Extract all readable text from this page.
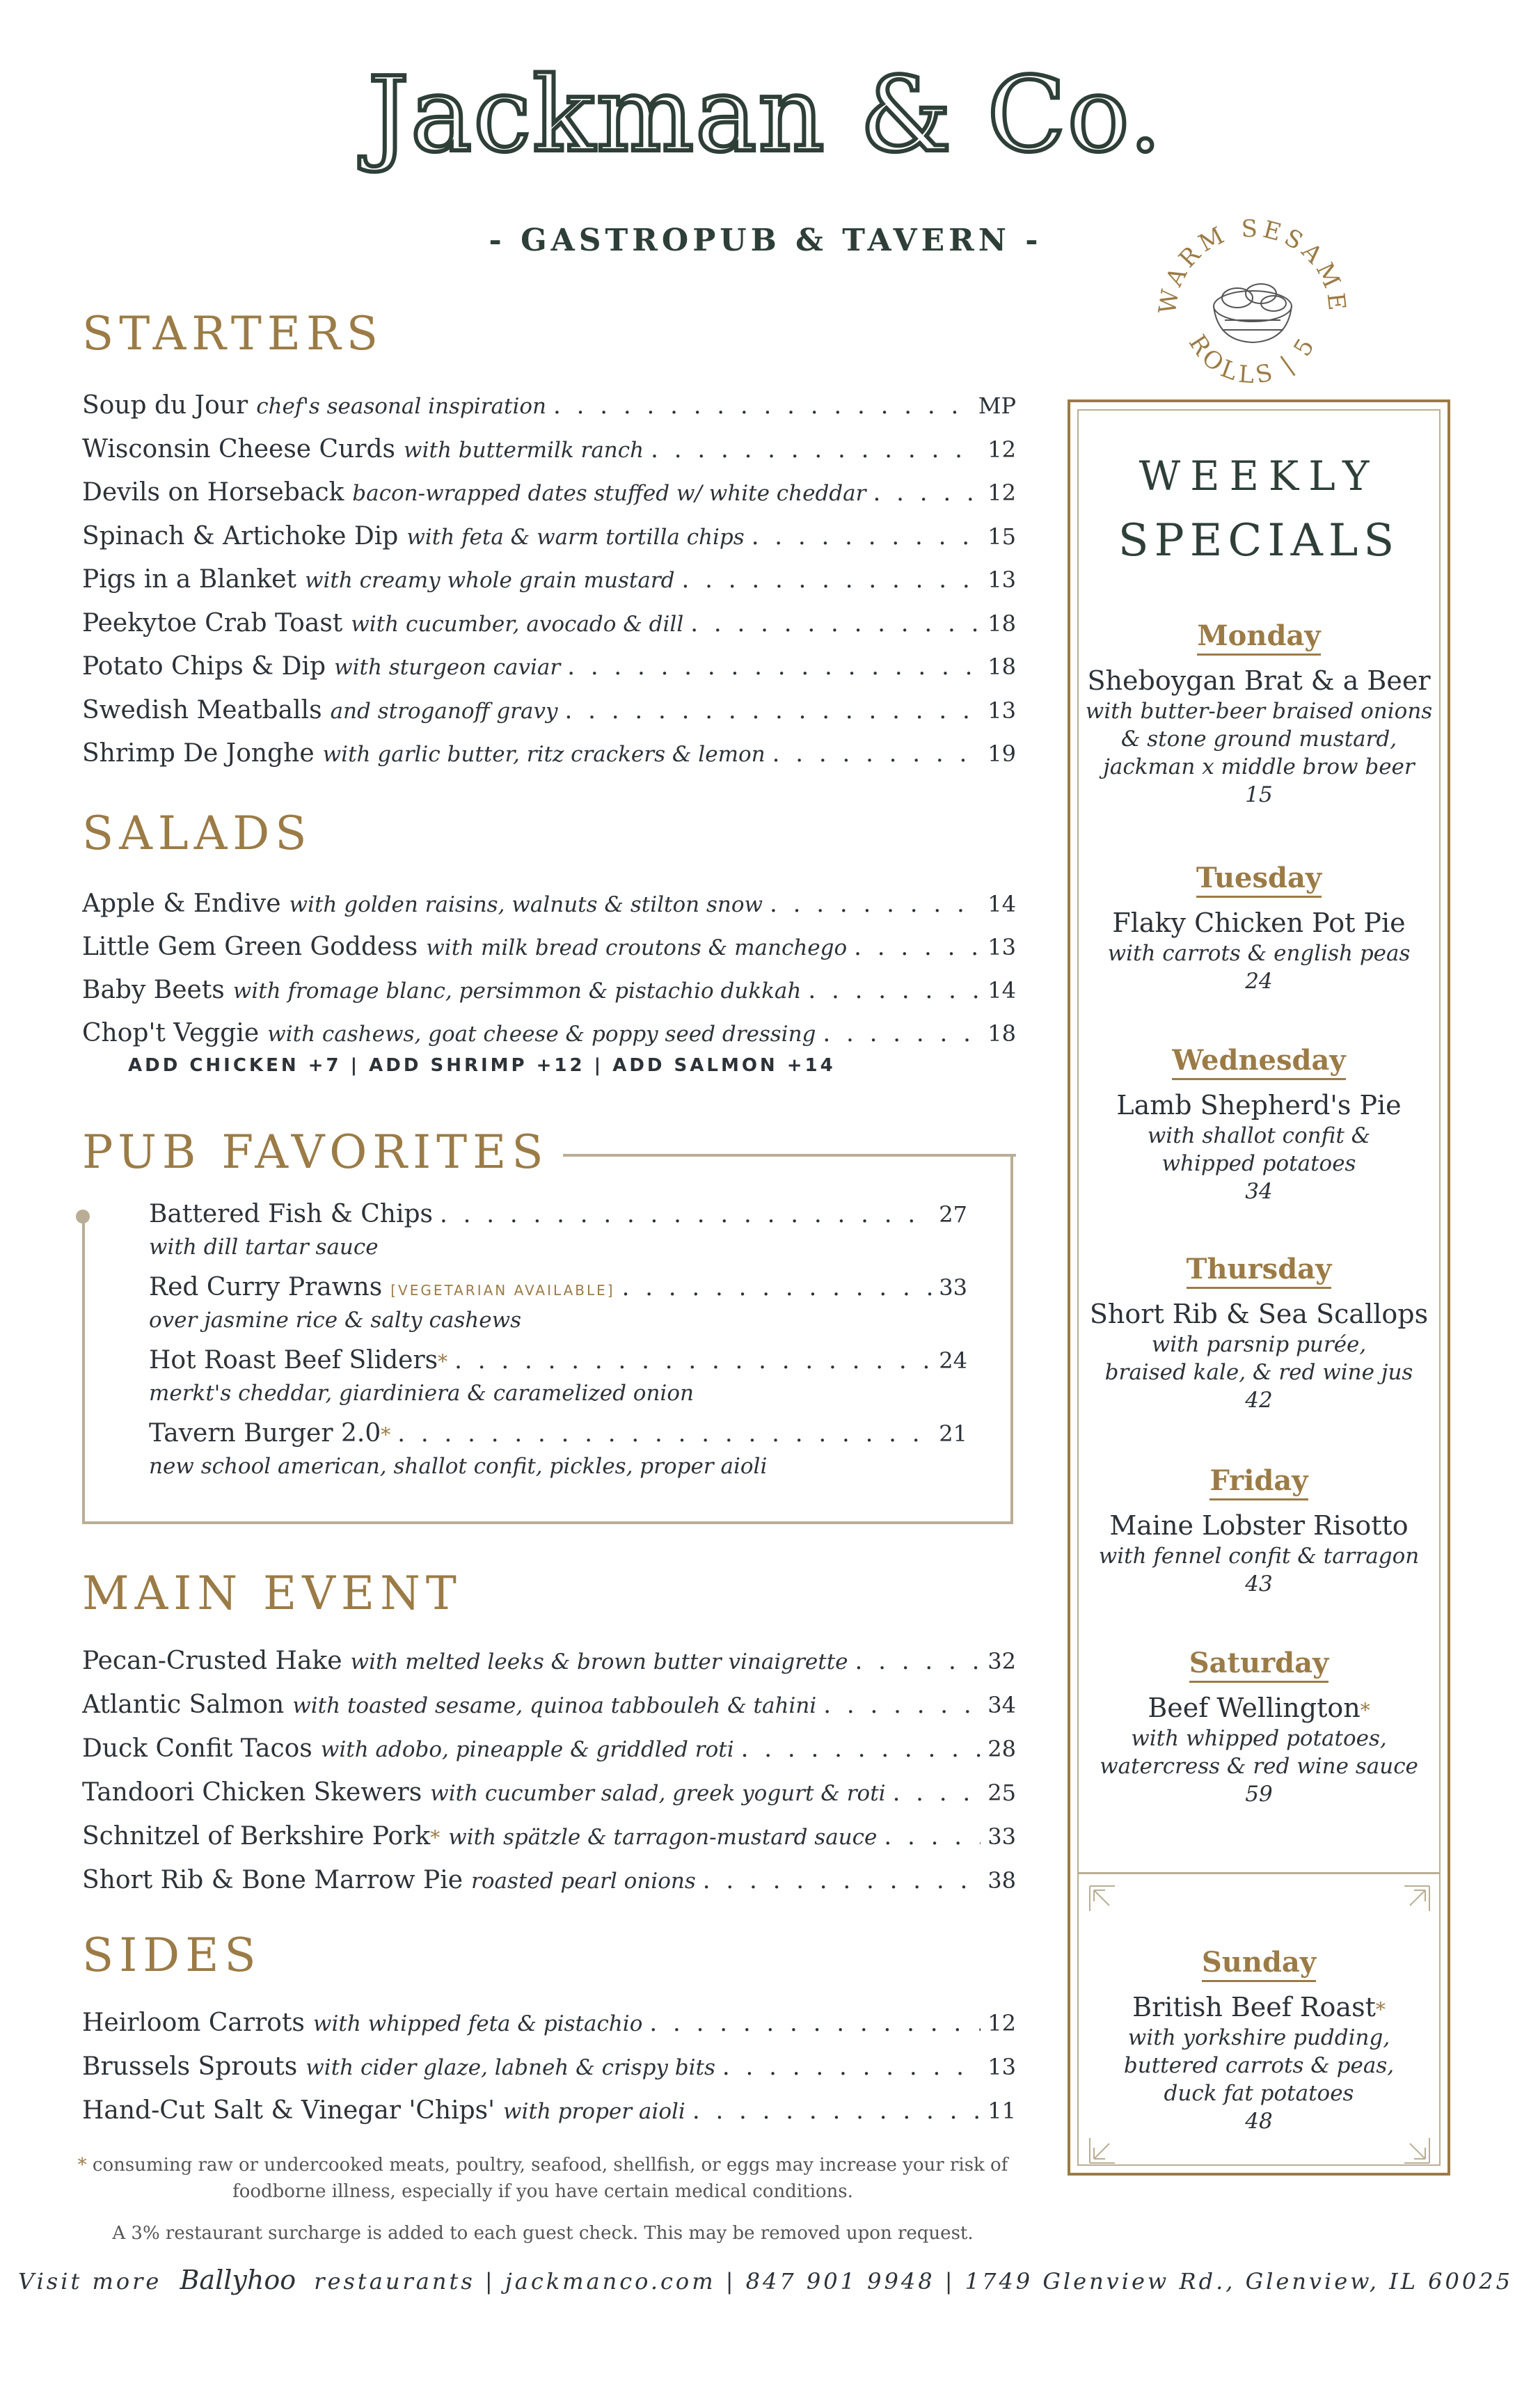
Jackman & Co.
- GASTROPUB & TAVERN -
WARM SESAME
ROLLS | 5
STARTERS
Soup du Jour chef's seasonal inspiration . . .	MP
Wisconsin Cheese Curds with buttermilk ranch . . .	12
Devils on Horseback bacon-wrapped dates stuffed w/ white cheddar . . .	12
Spinach & Artichoke Dip with feta & warm tortilla chips . . .	15
Pigs in a Blanket with creamy whole grain mustard . . .	13
Peekytoe Crab Toast with cucumber, avocado & dill . . .	18
Potato Chips & Dip with sturgeon caviar . . .	18
Swedish Meatballs and stroganoff gravy . . .	13
Shrimp De Jonghe with garlic butter, ritz crackers & lemon . . .	19
SALADS
Apple & Endive with golden raisins, walnuts & stilton snow . . .	14
Little Gem Green Goddess with milk bread croutons & manchego . . .	13
Baby Beets with fromage blanc, persimmon & pistachio dukkah . . .	14
Chop't Veggie with cashews, goat cheese & poppy seed dressing . . .	18
ADD CHICKEN +7 | ADD SHRIMP +12 | ADD SALMON +14
PUB FAVORITES
Battered Fish & Chips . . .	27
with dill tartar sauce
Red Curry Prawns [VEGETARIAN AVAILABLE] . . .	33
over jasmine rice & salty cashews
Hot Roast Beef Sliders * . . .	24
merkt's cheddar, giardiniera & caramelized onion
Tavern Burger 2.0 * . . .	21
new school american, shallot confit, pickles, proper aioli
MAIN EVENT
Pecan-Crusted Hake with melted leeks & brown butter vinaigrette . . .	32
Atlantic Salmon with toasted sesame, quinoa tabbouleh & tahini . . .	34
Duck Confit Tacos with adobo, pineapple & griddled roti . . .	28
Tandoori Chicken Skewers with cucumber salad, greek yogurt & roti . . .	25
Schnitzel of Berkshire Pork * with spätzle & tarragon-mustard sauce . . .	33
Short Rib & Bone Marrow Pie roasted pearl onions . . .	38
SIDES
Heirloom Carrots with whipped feta & pistachio . . .	12
Brussels Sprouts with cider glaze, labneh & crispy bits . . .	13
Hand-Cut Salt & Vinegar 'Chips' with proper aioli . . .	11
* consuming raw or undercooked meats, poultry, seafood, shellfish, or eggs may increase your risk of
foodborne illness, especially if you have certain medical conditions.
A 3% restaurant surcharge is added to each guest check. This may be removed upon request.
Visit more Ballyhoo restaurants | jackmanco.com | 847 901 9948 | 1749 Glenview Rd., Glenview, IL 60025
WEEKLY
SPECIALS
Monday
Sheboygan Brat & a Beer
with butter-beer braised onions
& stone ground mustard,
jackman x middle brow beer
15
Tuesday
Flaky Chicken Pot Pie
with carrots & english peas
24
Wednesday
Lamb Shepherd's Pie
with shallot confit &
whipped potatoes
34
Thursday
Short Rib & Sea Scallops
with parsnip purée,
braised kale, & red wine jus
42
Friday
Maine Lobster Risotto
with fennel confit & tarragon
43
Saturday
Beef Wellington*
with whipped potatoes,
watercress & red wine sauce
59
Sunday
British Beef Roast*
with yorkshire pudding,
buttered carrots & peas,
duck fat potatoes
48
